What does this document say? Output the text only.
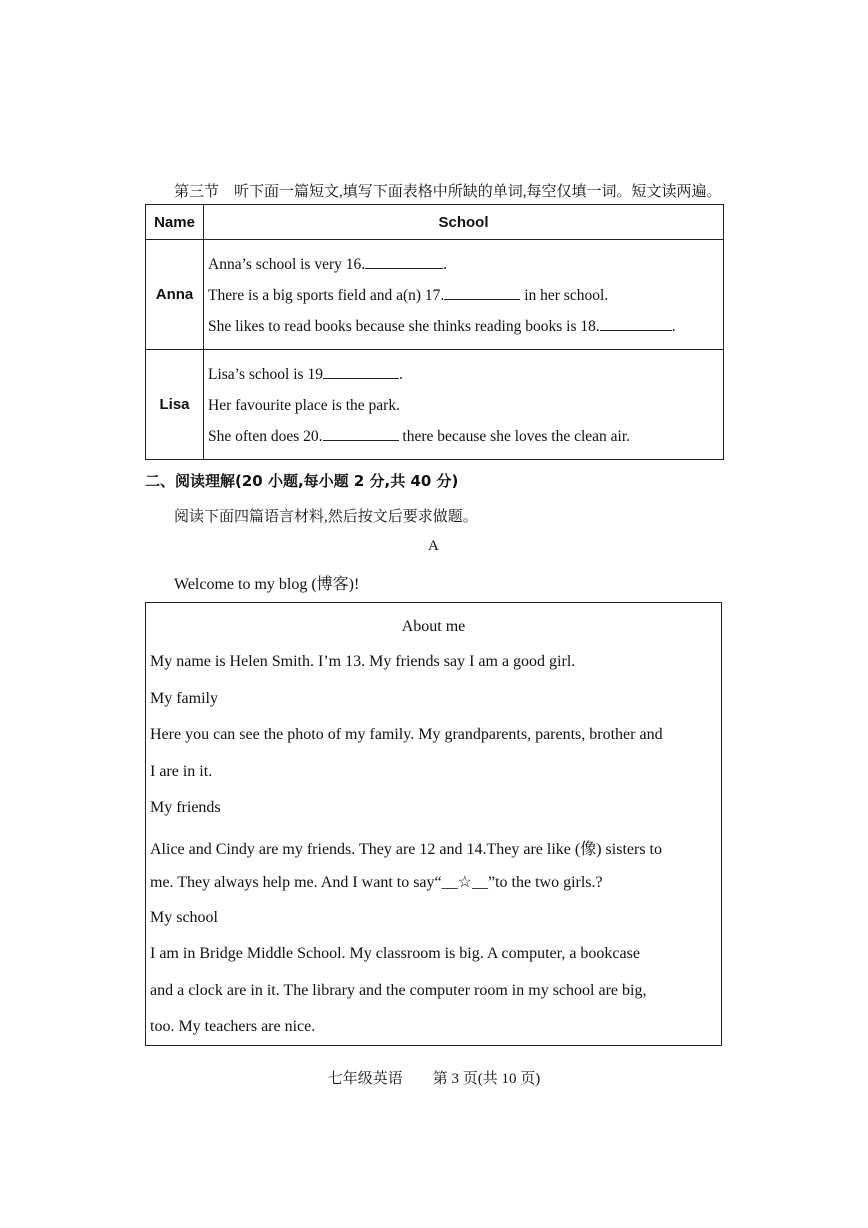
第三节　听下面一篇短文,填写下面表格中所缺的单词,每空仅填一词。短文读两遍。
Name	School
Anna	Anna’s school is very 16. .
There is a big sports field and a(n) 17. in her school.
She likes to read books because she thinks reading books is 18. .

Lisa	Lisa’s school is 19 .
Her favourite place is the park.
She often does 20. there because she loves the clean air.
二、阅读理解(20 小题,每小题 2 分,共 40 分)
阅读下面四篇语言材料,然后按文后要求做题。
A
Welcome to my blog (博客)!
About me
My name is Helen Smith. I’m 13. My friends say I am a good girl.
My family
Here you can see the photo of my family. My grandparents, parents, brother and
I are in it.
My friends
Alice and Cindy are my friends. They are 12 and 14.They are like (像) sisters to
me. They always help me. And I want to say“__☆__”to the two girls.?
My school
I am in Bridge Middle School. My classroom is big. A computer, a bookcase
and a clock are in it. The library and the computer room in my school are big,
too. My teachers are nice.
七年级英语　　第 3 页(共 10 页)
